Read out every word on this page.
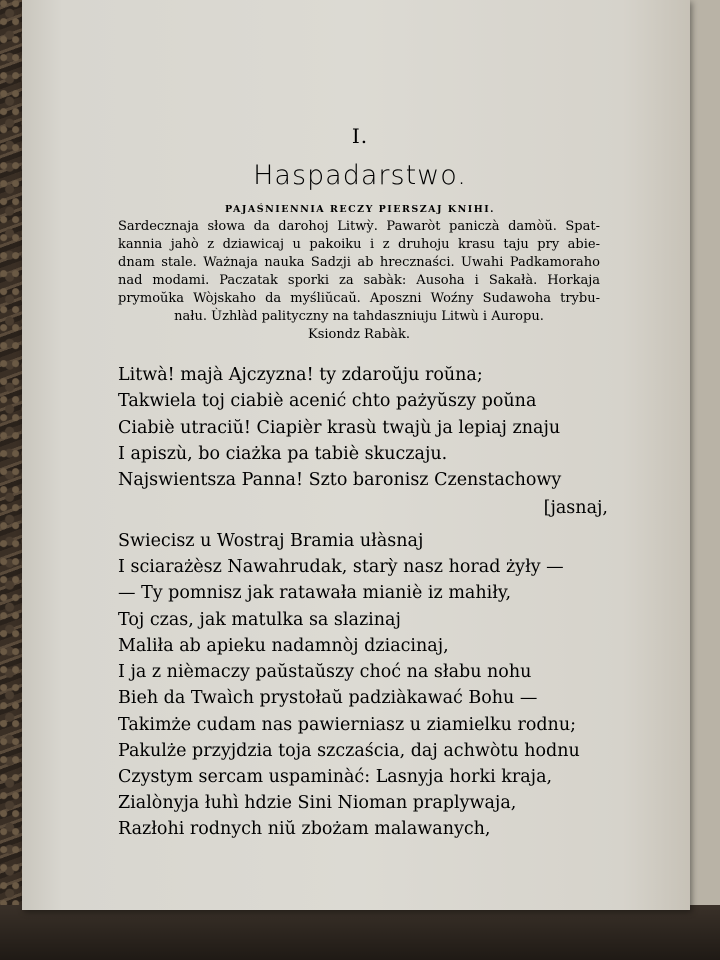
I.
Haspadarstwo.
PAJAŚNIENNIA RECZY PIERSZAJ KNIHI.
Sardecznaja słowa da darohoj Litwỳ. Pawaròt paniczà damòŭ. Spat-
kannia jahò z dziawicaj u pakoiku i z druhoju krasu taju pry abie-
dnam stale. Ważnaja nauka Sadzji ab hrecznaści. Uwahi Padkamoraho
nad modami. Paczatak sporki za sabàk: Ausoha i Sakałà. Horkaja
prymoŭka Wòjskaho da myśliŭcaŭ. Aposzni Woźny Sudawoha trybu-
nału. Ùzhlàd palityczny na tahdaszniuju Litwù i Auropu.
Ksiondz Rabàk.
Litwà! majà Ajczyzna! ty zdaroŭju roŭna;
Takwiela toj ciabiè acenić chto pażyŭszy poŭna
Ciabiè utraciŭ! Ciapièr krasù twajù ja lepiaj znaju
I apiszù, bo ciażka pa tabiè skuczaju.
Najswientsza Panna! Szto baronisz Czenstachowy
[jasnaj,
Swiecisz u Wostraj Bramia ułàsnaj
I sciarażèsz Nawahrudak, starỳ nasz horad żyły —
— Ty pomnisz jak ratawała mianiè iz mahiły,
Toj czas, jak matulka sa slazinaj
Maliła ab apieku nadamnòj dziacinaj,
I ja z nièmaczy paŭstaŭszy choć na słabu nohu
Bieh da Twaìch prystołaŭ padziàkawać Bohu —
Takimże cudam nas pawierniasz u ziamielku rodnu;
Pakulże przyjdzia toja szczaścia, daj achwòtu hodnu
Czystym sercam uspaminàć: Lasnyja horki kraja,
Zialònyja łuhì hdzie Sini Nioman praplywaja,
Razłohi rodnych niŭ zbożam malawanych,
